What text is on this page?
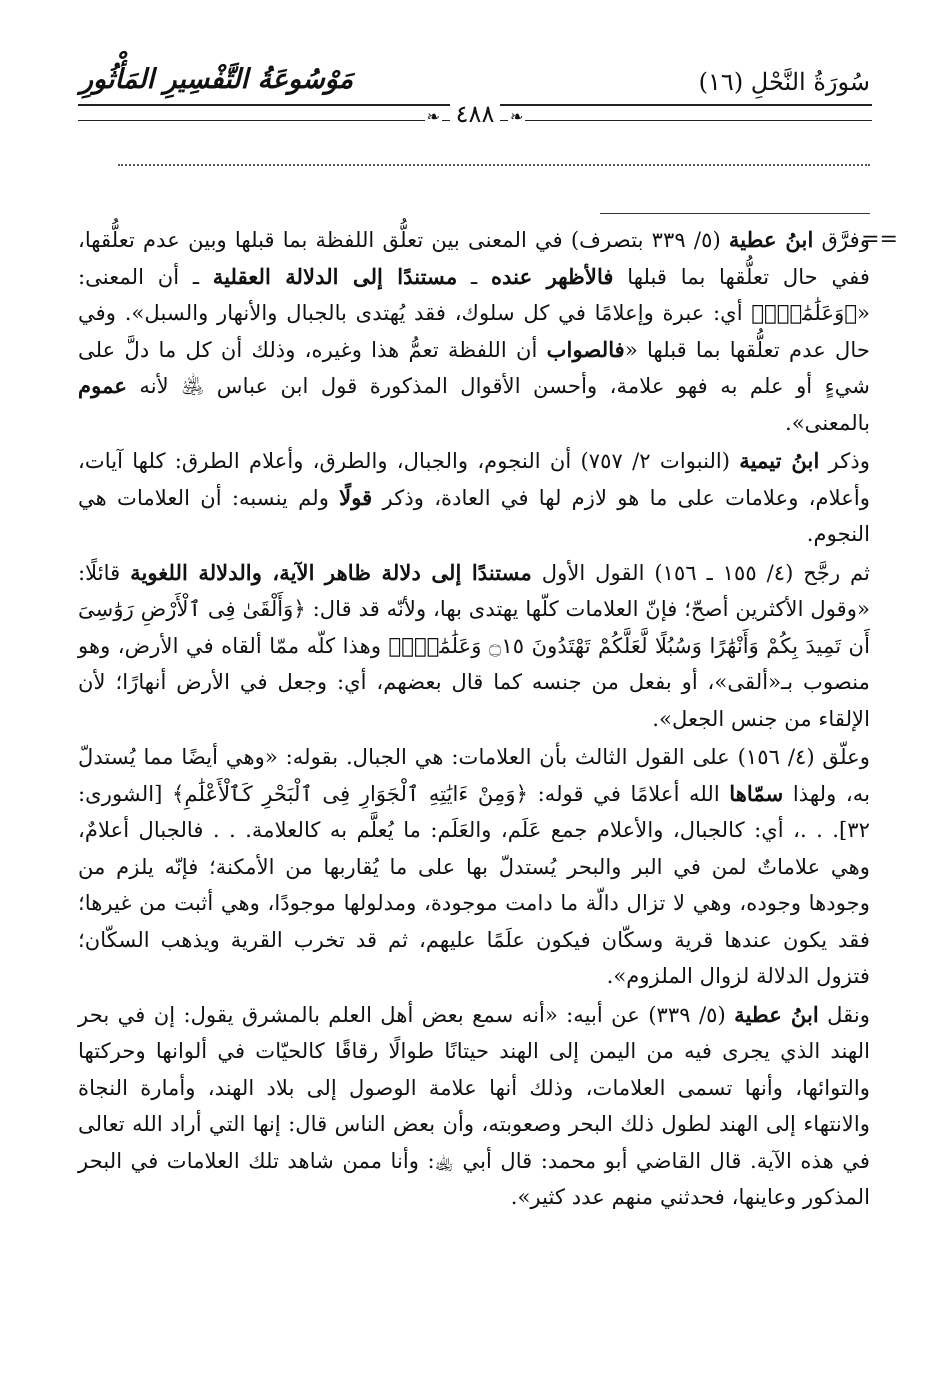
سُورَةُ النَّحْلِ (١٦)
مَوْسُوعَةُ التَّفْسِيرِ المَأْثُورِ
❧ ٤٨٨ ❧
==

وفرَّق ابنُ عطية (٥/ ٣٣٩ بتصرف) في المعنى بين تعلُّق اللفظة بما قبلها وبين عدم تعلُّقها، ففي حال تعلُّقها بما قبلها فالأظهر عنده ـ مستندًا إلى الدلالة العقلية ـ أن المعنى: «﴿وَعَلَٰمَٰتٍۚ﴾ أي: عبرة وإعلامًا في كل سلوك، فقد يُهتدى بالجبال والأنهار والسبل». وفي حال عدم تعلُّقها بما قبلها «فالصواب أن اللفظة تعمُّ هذا وغيره، وذلك أن كل ما دلَّ على شيءٍ أو علم به فهو علامة، وأحسن الأقوال المذكورة قول ابن عباس ﵁ لأنه عموم بالمعنى».

وذكر ابنُ تيمية (النبوات ٢/ ٧٥٧) أن النجوم، والجبال، والطرق، وأعلام الطرق: كلها آيات، وأعلام، وعلامات على ما هو لازم لها في العادة، وذكر قولًا ولم ينسبه: أن العلامات هي النجوم.

ثم رجَّح (٤/ ١٥٥ ـ ١٥٦) القول الأول مستندًا إلى دلالة ظاهر الآية، والدلالة اللغوية قائلًا: «وقول الأكثرين أصحّ؛ فإنّ العلامات كلّها يهتدى بها، ولأنّه قد قال: ﴿وَأَلْقَىٰ فِى ٱلْأَرْضِ رَوَٰسِىَ أَن تَمِيدَ بِكُمْ وَأَنْهَٰرًا وَسُبُلًا لَّعَلَّكُمْ تَهْتَدُونَ ۝١٥ وَعَلَٰمَٰتٍۚ﴾ وهذا كلّه ممّا ألقاه في الأرض، وهو منصوب بـ«ألقى»، أو بفعل من جنسه كما قال بعضهم، أي: وجعل في الأرض أنهارًا؛ لأن الإلقاء من جنس الجعل».

وعلّق (٤/ ١٥٦) على القول الثالث بأن العلامات: هي الجبال. بقوله: «وهي أيضًا مما يُستدلّ به، ولهذا سمّاها الله أعلامًا في قوله: ﴿وَمِنْ ءَايَٰتِهِ ٱلْجَوَارِ فِى ٱلْبَحْرِ كَٱلْأَعْلَٰمِ﴾ [الشورى: ٣٢]. . .، أي: كالجبال، والأعلام جمع عَلَم، والعَلَم: ما يُعلَّم به كالعلامة. . . فالجبال أعلامٌ، وهي علاماتٌ لمن في البر والبحر يُستدلّ بها على ما يُقاربها من الأمكنة؛ فإنّه يلزم من وجودها وجوده، وهي لا تزال دالّة ما دامت موجودة، ومدلولها موجودًا، وهي أثبت من غيرها؛ فقد يكون عندها قرية وسكّان فيكون علَمًا عليهم، ثم قد تخرب القرية ويذهب السكّان؛ فتزول الدلالة لزوال الملزوم».

ونقل ابنُ عطية (٥/ ٣٣٩) عن أبيه: «أنه سمع بعض أهل العلم بالمشرق يقول: إن في بحر الهند الذي يجرى فيه من اليمن إلى الهند حيتانًا طوالًا رقاقًا كالحيّات في ألوانها وحركتها والتوائها، وأنها تسمى العلامات، وذلك أنها علامة الوصول إلى بلاد الهند، وأمارة النجاة والانتهاء إلى الهند لطول ذلك البحر وصعوبته، وأن بعض الناس قال: إنها التي أراد الله تعالى في هذه الآية. قال القاضي أبو محمد: قال أبي ﵀: وأنا ممن شاهد تلك العلامات في البحر المذكور وعاينها، فحدثني منهم عدد كثير».
